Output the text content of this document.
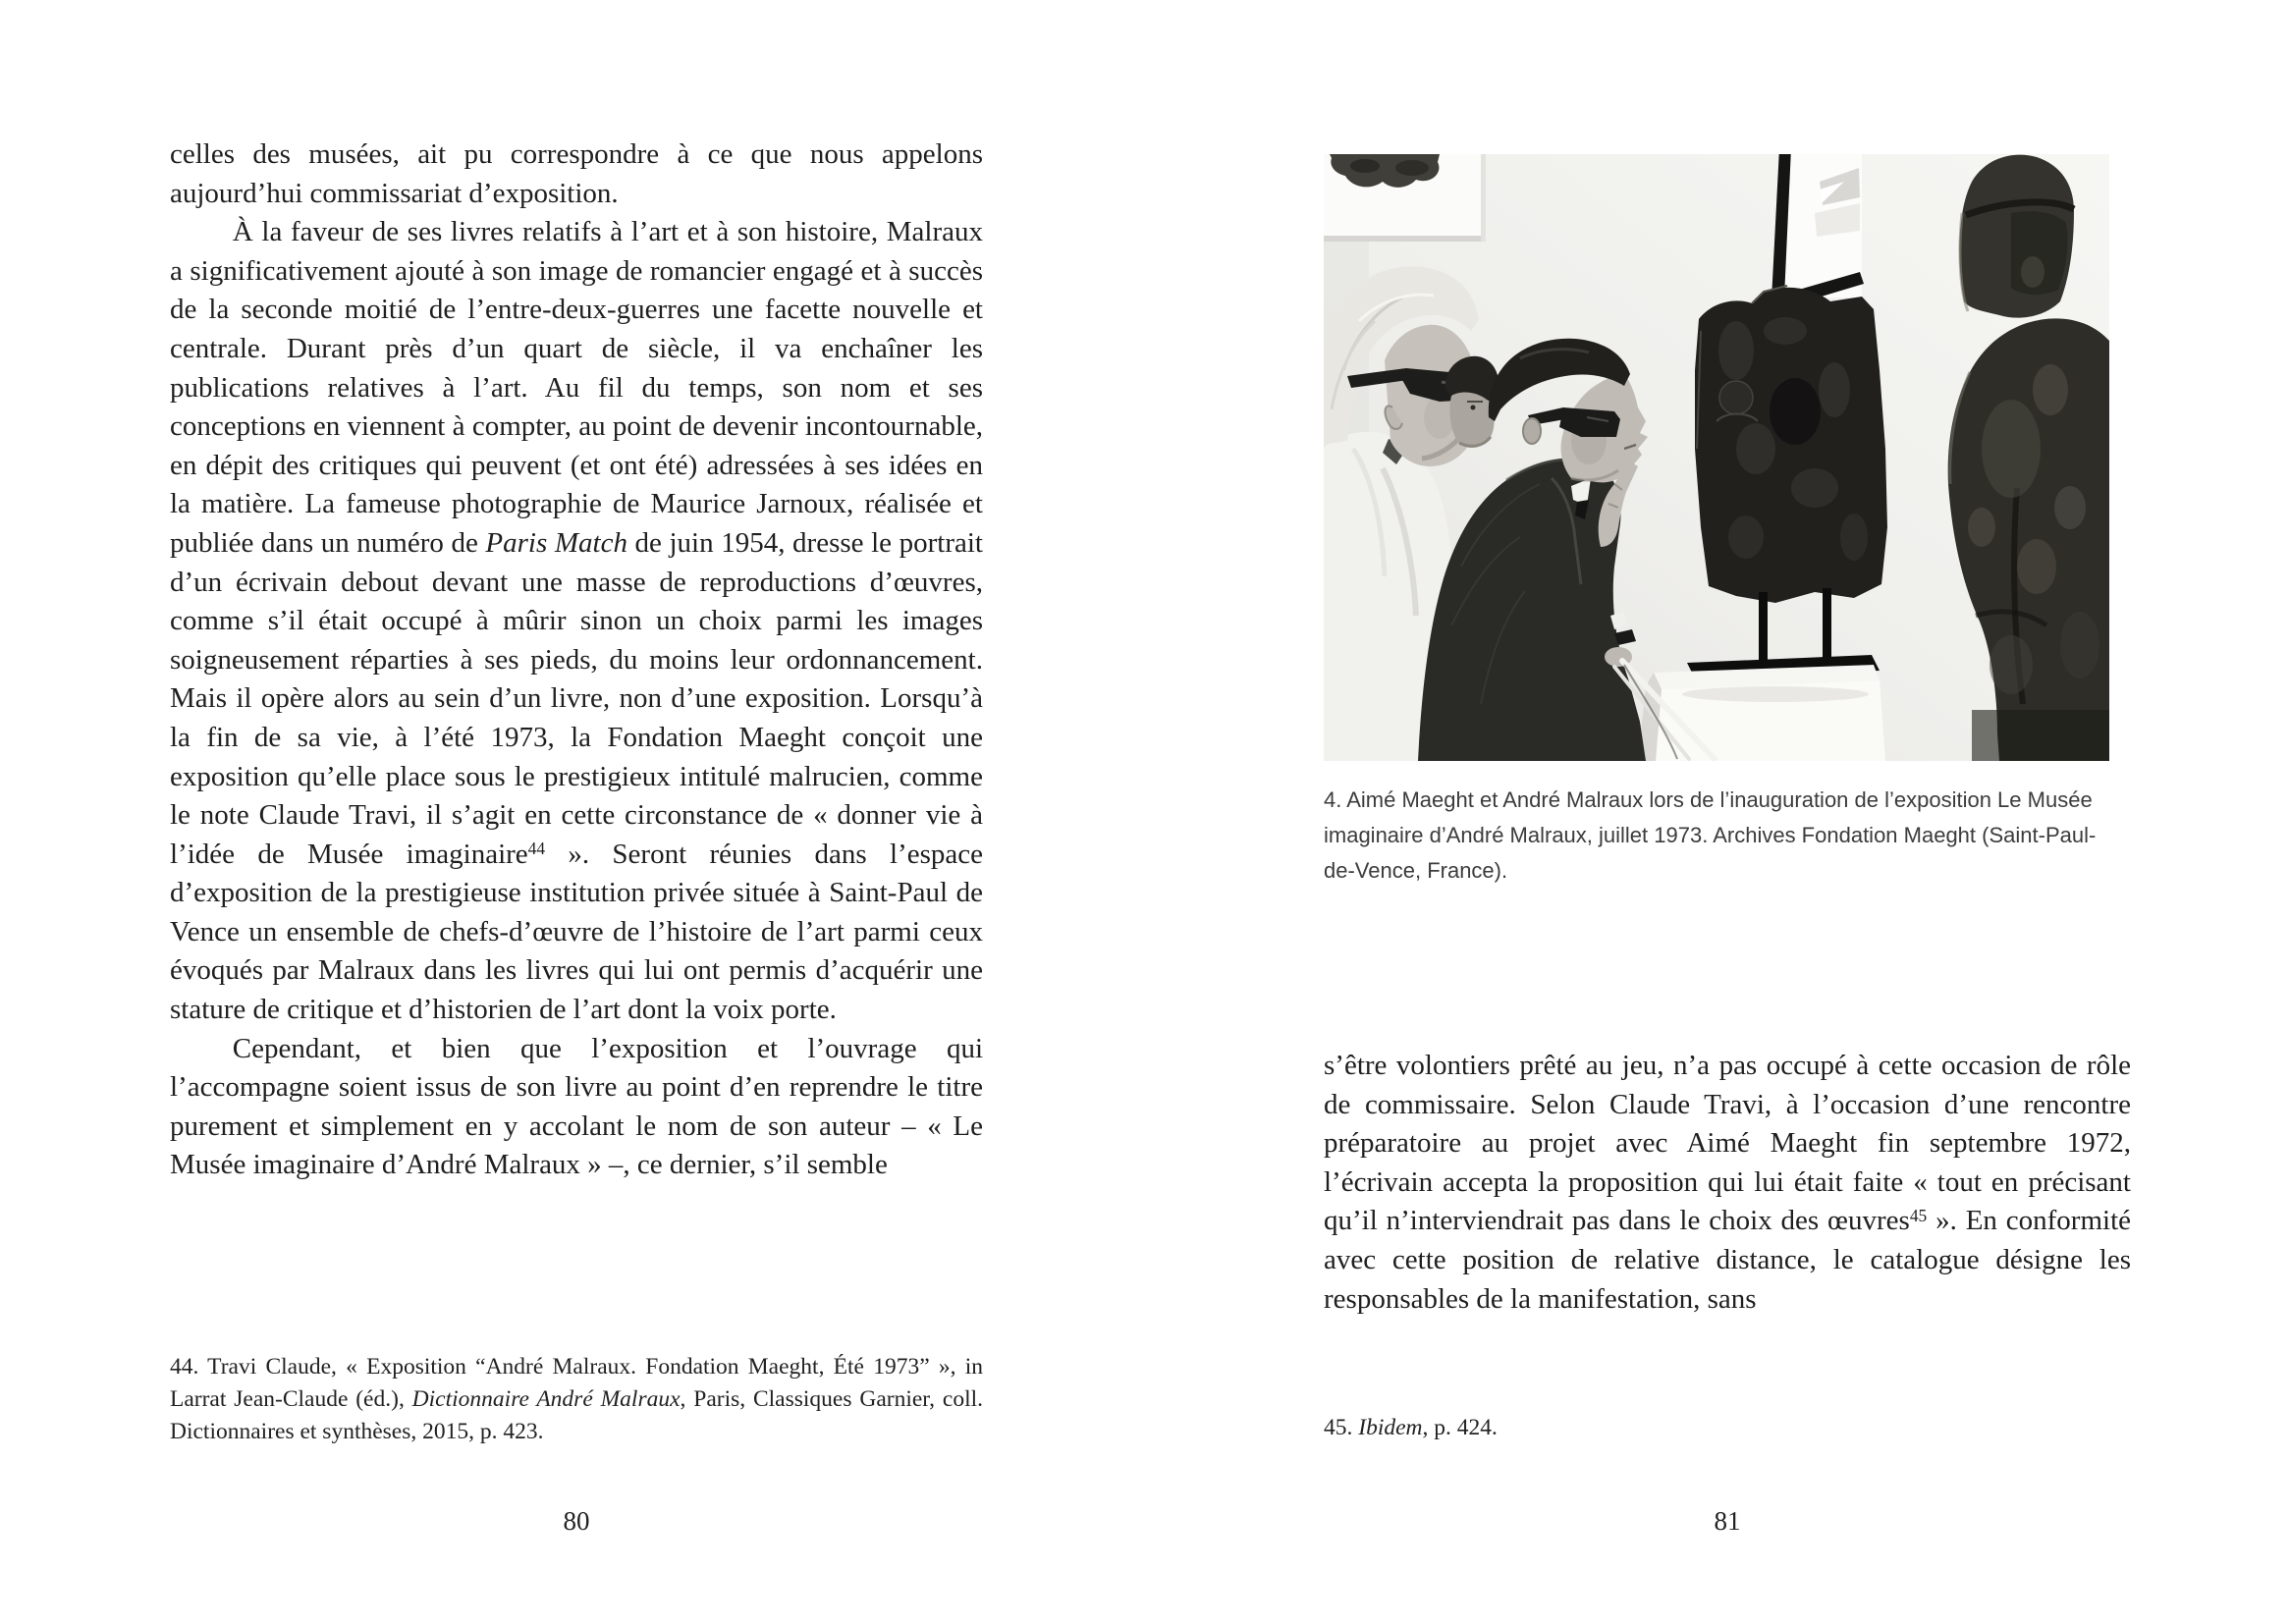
celles des musées, ait pu correspondre à ce que nous appelons aujourd’hui commissariat d’exposition.

À la faveur de ses livres relatifs à l’art et à son histoire, Malraux a significativement ajouté à son image de romancier engagé et à succès de la seconde moitié de l’entre-deux-guerres une facette nouvelle et centrale. Durant près d’un quart de siècle, il va enchaîner les publications relatives à l’art. Au fil du temps, son nom et ses conceptions en viennent à compter, au point de devenir incontournable, en dépit des critiques qui peuvent (et ont été) adressées à ses idées en la matière. La fameuse photographie de Maurice Jarnoux, réalisée et publiée dans un numéro de Paris Match de juin 1954, dresse le portrait d’un écrivain debout devant une masse de reproductions d’œuvres, comme s’il était occupé à mûrir sinon un choix parmi les images soigneusement réparties à ses pieds, du moins leur ordonnancement. Mais il opère alors au sein d’un livre, non d’une exposition. Lorsqu’à la fin de sa vie, à l’été 1973, la Fondation Maeght conçoit une exposition qu’elle place sous le prestigieux intitulé malrucien, comme le note Claude Travi, il s’agit en cette circonstance de « donner vie à l’idée de Musée imaginaire$^{44}$ ». Seront réunies dans l’espace d’exposition de la prestigieuse institution privée située à Saint-Paul de Vence un ensemble de chefs-d’œuvre de l’histoire de l’art parmi ceux évoqués par Malraux dans les livres qui lui ont permis d’acquérir une stature de critique et d’historien de l’art dont la voix porte.

Cependant, et bien que l’exposition et l’ouvrage qui l’accompagne soient issus de son livre au point d’en reprendre le titre purement et simplement en y accolant le nom de son auteur – « Le Musée imaginaire d’André Malraux » –, ce dernier, s’il semble

44. Travi Claude, « Exposition “André Malraux. Fondation Maeght, Été 1973” », in Larrat Jean-Claude (éd.), Dictionnaire André Malraux, Paris, Classiques Garnier, coll. Dictionnaires et synthèses, 2015, p. 423.
80
4. Aimé Maeght et André Malraux lors de l’inauguration de l’exposition Le Musée imaginaire d’André Malraux, juillet 1973. Archives Fondation Maeght (Saint-Paul-de-Vence, France).

s’être volontiers prêté au jeu, n’a pas occupé à cette occasion de rôle de commissaire. Selon Claude Travi, à l’occasion d’une rencontre préparatoire au projet avec Aimé Maeght fin septembre 1972, l’écrivain accepta la proposition qui lui était faite « tout en précisant qu’il n’interviendrait pas dans le choix des œuvres$^{45}$ ». En conformité avec cette position de relative distance, le catalogue désigne les responsables de la manifestation, sans

45. Ibidem, p. 424.
81
